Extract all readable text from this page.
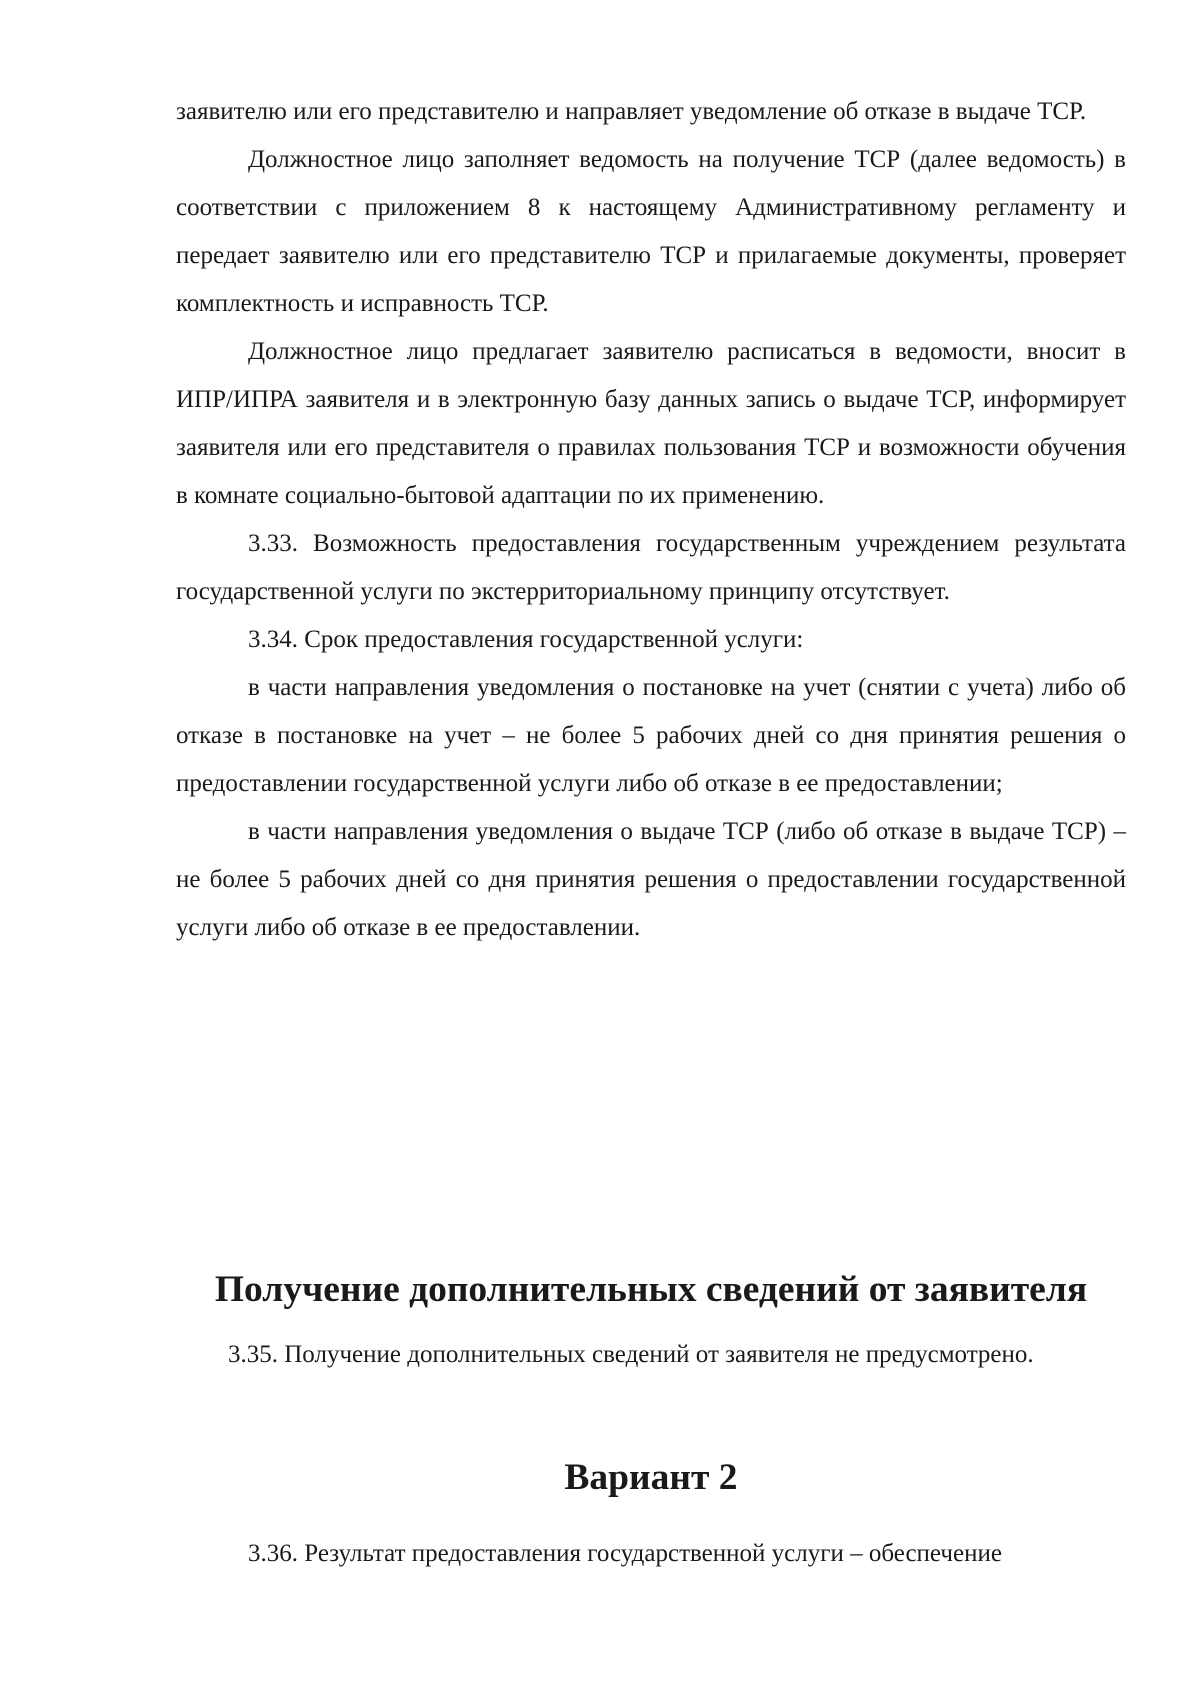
заявителю или его представителю и направляет уведомление об отказе в выдаче ТСР.

Должностное лицо заполняет ведомость на получение ТСР (далее ведомость) в соответствии с приложением 8 к настоящему Административному регламенту и передает заявителю или его представителю ТСР и прилагаемые документы, проверяет комплектность и исправность ТСР.

Должностное лицо предлагает заявителю расписаться в ведомости, вносит в ИПР/ИПРА заявителя и в электронную базу данных запись о выдаче ТСР, информирует заявителя или его представителя о правилах пользования ТСР и возможности обучения в комнате социально-бытовой адаптации по их применению.

3.33. Возможность предоставления государственным учреждением результата государственной услуги по экстерриториальному принципу отсутствует.

3.34. Срок предоставления государственной услуги:

в части направления уведомления о постановке на учет (снятии с учета) либо об отказе в постановке на учет – не более 5 рабочих дней со дня принятия решения о предоставлении государственной услуги либо об отказе в ее предоставлении;

в части направления уведомления о выдаче ТСР (либо об отказе в выдаче ТСР) – не более 5 рабочих дней со дня принятия решения о предоставлении государственной услуги либо об отказе в ее предоставлении.

Получение дополнительных сведений от заявителя

3.35. Получение дополнительных сведений от заявителя не предусмотрено.

Вариант 2

3.36. Результат предоставления государственной услуги – обеспечение
